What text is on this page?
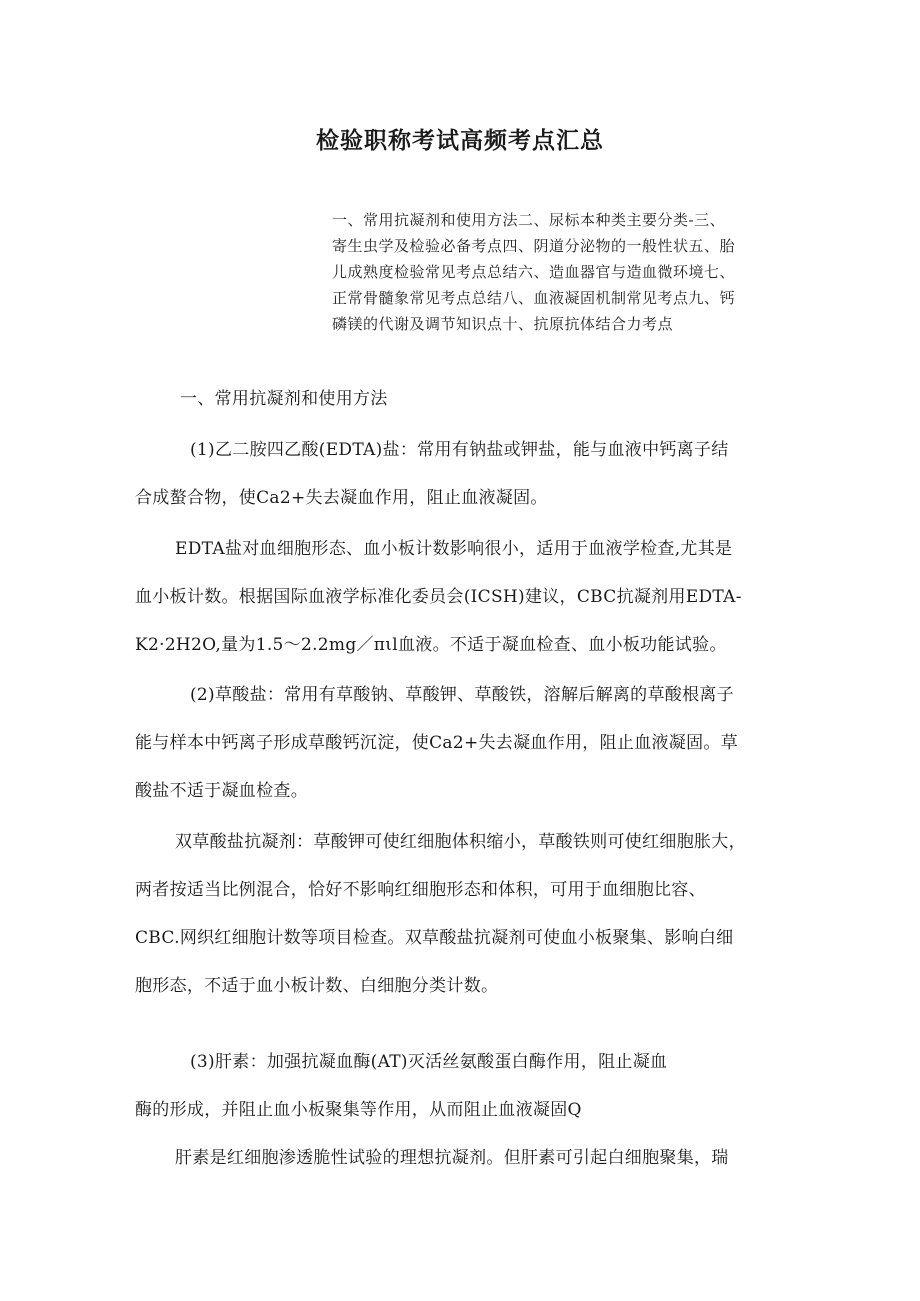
检验职称考试高频考点汇总
一、常用抗凝剂和使用方法二、尿标本种类主要分类-三、
寄生虫学及检验必备考点四、阴道分泌物的一般性状五、胎
儿成熟度检验常见考点总结六、造血器官与造血微环境七、
正常骨髓象常见考点总结八、血液凝固机制常见考点九、钙
磷镁的代谢及调节知识点十、抗原抗体结合力考点
一、常用抗凝剂和使用方法
(1)乙二胺四乙酸(EDTA)盐：常用有钠盐或钾盐，能与血液中钙离子结
合成螯合物，使Ca2+失去凝血作用，阻止血液凝固。
EDTA盐对血细胞形态、血小板计数影响很小，适用于血液学检查,尤其是
血小板计数。根据国际血液学标准化委员会(ICSH)建议，CBC抗凝剂用EDTA-
K2·2H2O,量为1.5～2.2mg／πιl血液。不适于凝血检查、血小板功能试验。
(2)草酸盐：常用有草酸钠、草酸钾、草酸铁，溶解后解离的草酸根离子
能与样本中钙离子形成草酸钙沉淀，使Ca2+失去凝血作用，阻止血液凝固。草
酸盐不适于凝血检查。
双草酸盐抗凝剂：草酸钾可使红细胞体积缩小，草酸铁则可使红细胞胀大，
两者按适当比例混合，恰好不影响红细胞形态和体积，可用于血细胞比容、
CBC.网织红细胞计数等项目检查。双草酸盐抗凝剂可使血小板聚集、影响白细
胞形态，不适于血小板计数、白细胞分类计数。
(3)肝素：加强抗凝血酶(AT)灭活丝氨酸蛋白酶作用，阻止凝血
酶的形成，并阻止血小板聚集等作用，从而阻止血液凝固Q
肝素是红细胞渗透脆性试验的理想抗凝剂。但肝素可引起白细胞聚集，瑞
